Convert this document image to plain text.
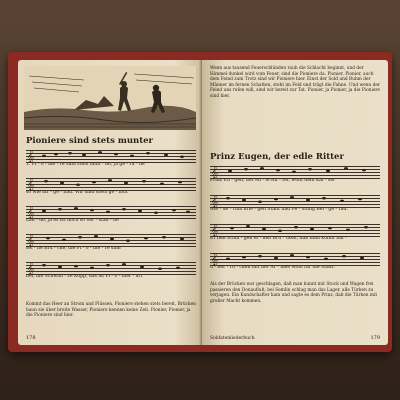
Pioniere sind stets munter
𝄞
1. Pi - o - nie - re sind stets mun - ter, ja ge - ra - de
𝄞
so wie ihr - ge - nau. Wir sind stets ge - mut
𝄞
Lan - de, ja es ist doch so Ver - stan - de
𝄞
sei - ne Brü - cke, die Pi - o - nie - re sind
𝄞
bei, die Schwan - ze Kopp, das ist Pi - o - nier - art
Kommt das Heer an Strom und Flüssen, Pioniere stehen stets bereit, Brücken baun sie über breite Wasser, Pioniere kennen keine Zeit. Pionier, Pionier, ja die Pioniere sind hier.
178
Wenn aus tausend Feuerschlünden rauh die Schlacht beginnt, und der Himmel dunkel wird vom Feuer, sind die Pioniere da. Pionier, Pionier, auch dem Feind zum Trotz sind wir Pioniere hier. Einst der Sold und Ruhm der Männer im fernen Schatten, steht im Feld und trägt die Fahne. Und wenn der Feind uns rufen will, sind wir bereit zur Tat. Pionier, ja Pionier, ja die Pioniere sind hier.
Prinz Eugen, der edle Ritter
𝄞
Prinz Eu - gen, der ed - le Rit - ter, wollt dem Kai - ser
𝄞
wie - de - rum krie - gen Stadt und Fe - stung Bel - ge - rad.
𝄞
Er ließ schla - gen ei - nen Brü - cken, daß man kunnt hin -
𝄞
ü - ber - rü - cken mit der Ar - mee wohl für die Stadt.
Als der Brücken war geschlagen, daß man kunnt mit Stuck und Wagen frei passieren den Donaufluß; bei Semlin schlug man das Lager, alle Türken zu verjagen. Ein Kundschafter kam und sagte es dem Prinz, daß die Türken mit großer Macht kommen.
Soldatenliederbuch	179
